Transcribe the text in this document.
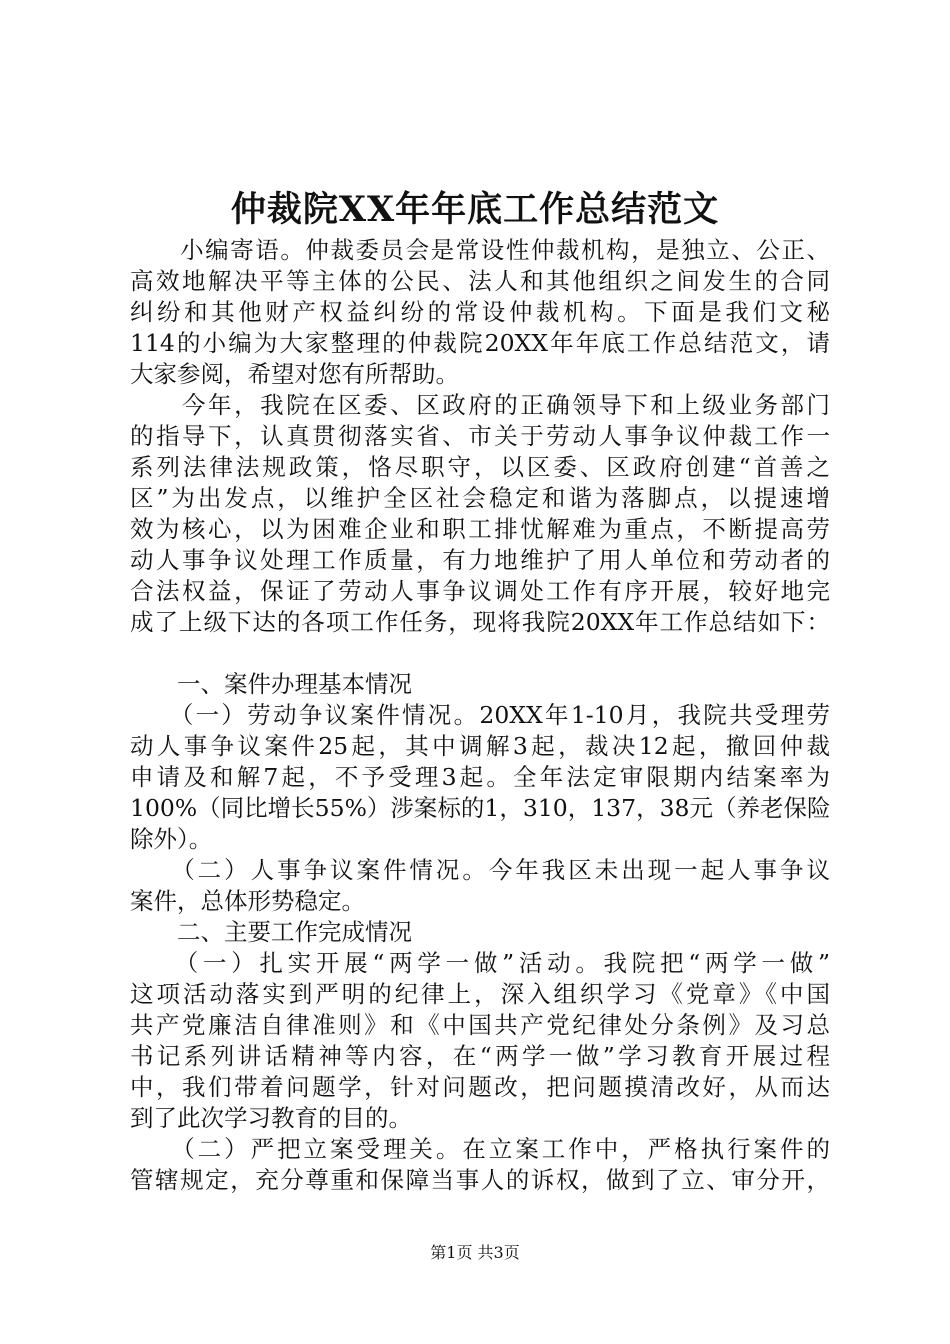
仲裁院XX年年底工作总结范文
　　小编寄语。仲裁委员会是常设性仲裁机构，是独立、公正、
高效地解决平等主体的公民、法人和其他组织之间发生的合同
纠纷和其他财产权益纠纷的常设仲裁机构。下面是我们文秘
114的小编为大家整理的仲裁院20XX年年底工作总结范文，请
大家参阅，希望对您有所帮助。
　　今年，我院在区委、区政府的正确领导下和上级业务部门
的指导下，认真贯彻落实省、市关于劳动人事争议仲裁工作一
系列法律法规政策，恪尽职守，以区委、区政府创建“首善之
区”为出发点，以维护全区社会稳定和谐为落脚点，以提速增
效为核心，以为困难企业和职工排忧解难为重点，不断提高劳
动人事争议处理工作质量，有力地维护了用人单位和劳动者的
合法权益，保证了劳动人事争议调处工作有序开展，较好地完
成了上级下达的各项工作任务，现将我院20XX年工作总结如下：
　　一、案件办理基本情况
　　（一）劳动争议案件情况。20XX年1-10月，我院共受理劳
动人事争议案件25起，其中调解3起，裁决12起，撤回仲裁
申请及和解7起，不予受理3起。全年法定审限期内结案率为
100%（同比增长55%）涉案标的1，310，137，38元（养老保险
除外）。
　　（二）人事争议案件情况。今年我区未出现一起人事争议
案件，总体形势稳定。
　　二、主要工作完成情况
　　（一）扎实开展“两学一做”活动。我院把“两学一做”
这项活动落实到严明的纪律上，深入组织学习《党章》《中国
共产党廉洁自律准则》和《中国共产党纪律处分条例》及习总
书记系列讲话精神等内容，在“两学一做”学习教育开展过程
中，我们带着问题学，针对问题改，把问题摸清改好，从而达
到了此次学习教育的目的。
　　（二）严把立案受理关。在立案工作中，严格执行案件的
管辖规定，充分尊重和保障当事人的诉权，做到了立、审分开，
第1页 共3页
